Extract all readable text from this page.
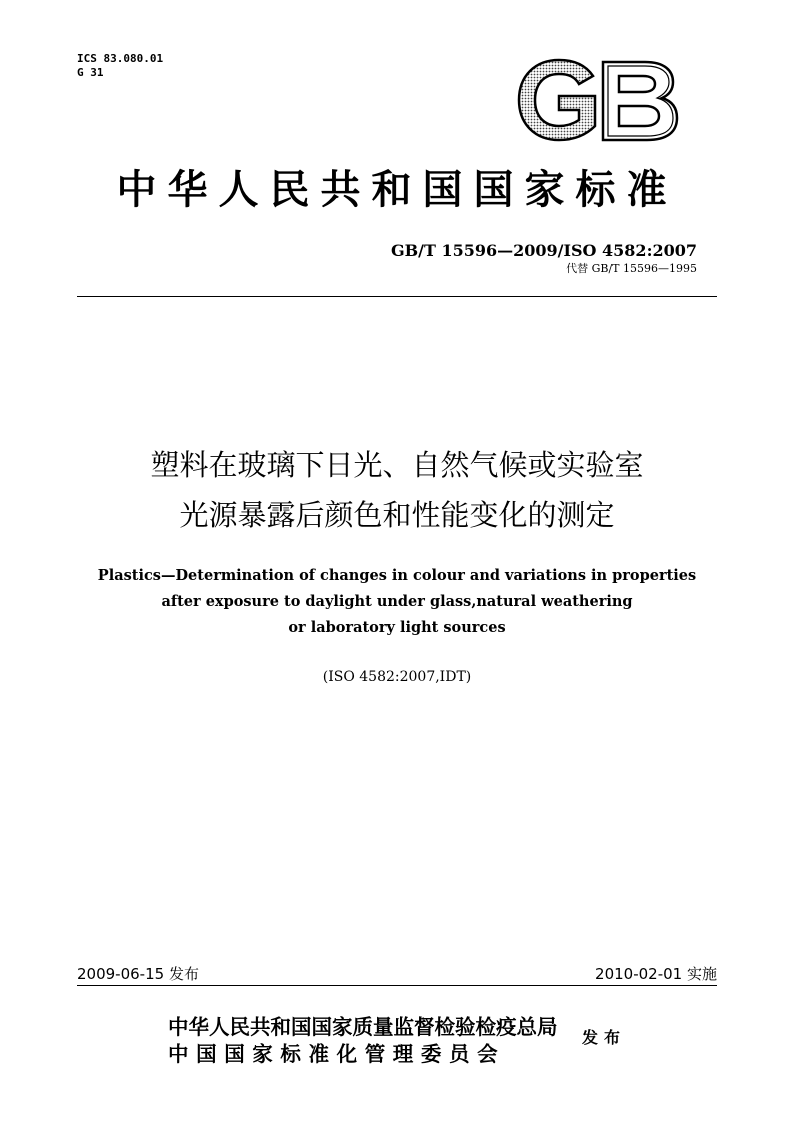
ICS 83.080.01
G 31
中华人民共和国国家标准
GB/T 15596—2009/ISO 4582:2007
代替 GB/T 15596—1995
塑料在玻璃下日光、自然气候或实验室
光源暴露后颜色和性能变化的测定
Plastics—Determination of changes in colour and variations in properties
after exposure to daylight under glass,natural weathering
or laboratory light sources
(ISO 4582:2007,IDT)
2009-06-15 发布	2010-02-01 实施
中华人民共和国国家质量监督检验检疫总局
中国国家标准化管理委员会
发布
